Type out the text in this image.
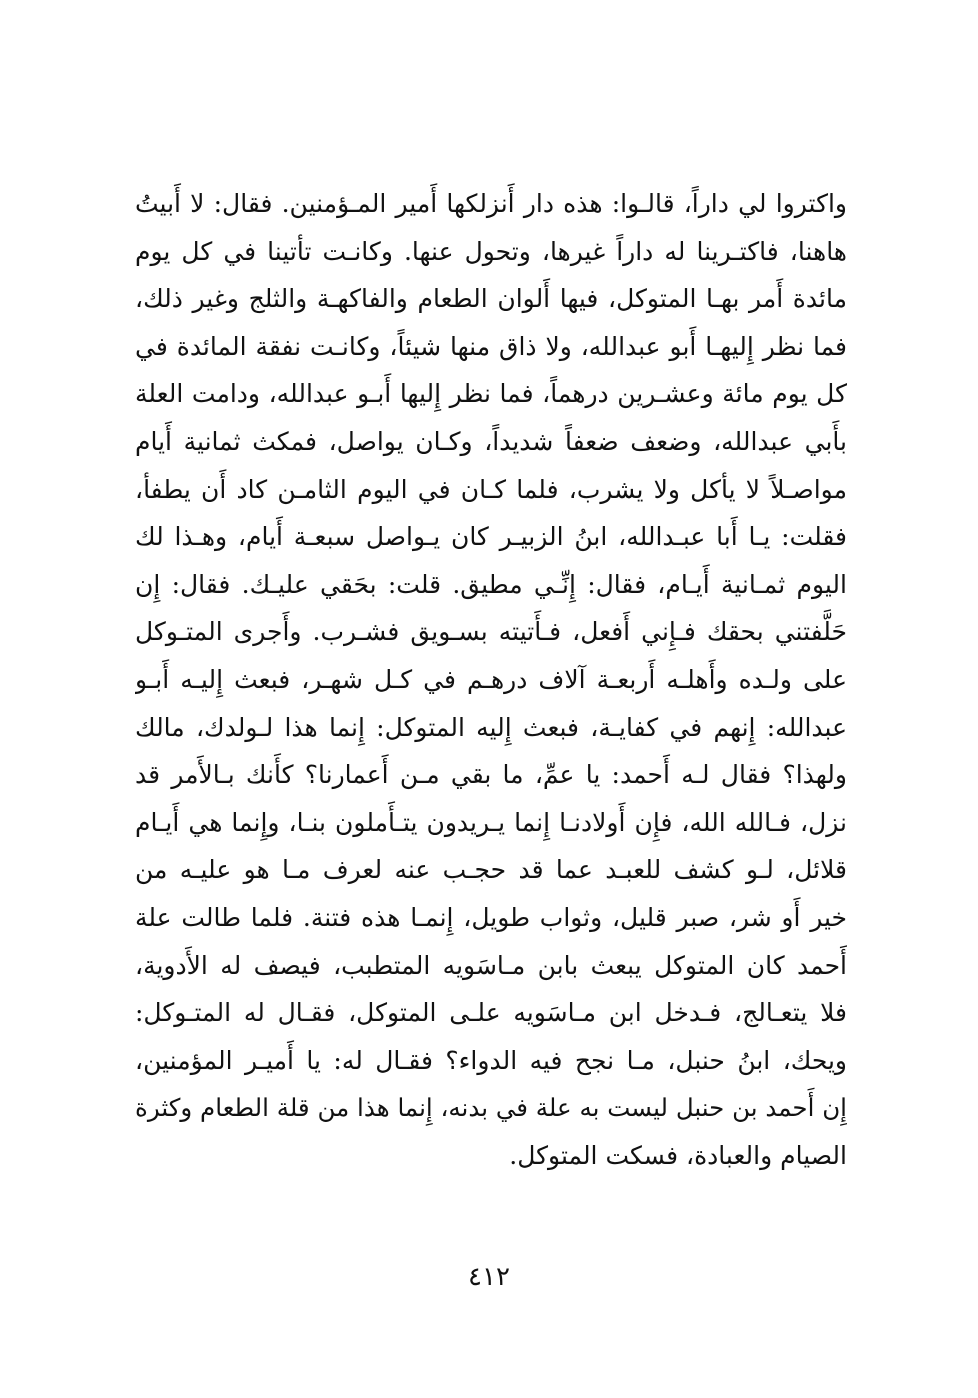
واكتروا لي داراً، قالـوا: هذه دار أَنزلكها أَمير المـؤمنين. فقال: لا أَبيتُ
هاهنا، فاكتـرينا له داراً غيرها، وتحول عنها. وكانـت تأتينا في كل يوم
مائدة أَمر بهـا المتوكل، فيها أَلوان الطعام والفاكهـة والثلج وغير ذلك،
فما نظر إِليهـا أَبو عبدالله، ولا ذاق منها شيئاً، وكانـت نفقة المائدة في
كل يوم مائة وعشـرين درهماً، فما نظر إِليها أَبـو عبدالله، ودامت العلة
بأَبي عبدالله، وضعف ضعفاً شديداً، وكـان يواصل، فمكث ثمانية أَيام
مواصـلاً لا يأكل ولا يشرب، فلما كـان في اليوم الثامـن كاد أَن يطفأ،
فقلت: يـا أَبا عبـدالله، ابنُ الزبيـر كان يـواصل سبعـة أَيام، وهـذا لك
اليوم ثمـانية أَيـام، فقال: إِنِّـي مطيق. قلت: بحَقي عليـك. فقال: إِن
حَلَّفتني بحقك فـإِني أَفعل، فـأَتيته بسـويق فشـرب. وأَجرى المتـوكل
على ولـده وأَهلـه أَربعـة آلاف درهـم في كـل شهـر، فبعث إِليـه أَبـو
عبدالله: إِنهم في كفايـة، فبعث إِليه المتوكل: إِنما هذا لـولدك، مالك
ولهذا؟ فقال لـه أَحمد: يا عمِّ، ما بقي مـن أَعمارنا؟ كأَنك بـالأَمر قد
نزل، فـالله الله، فإِن أَولادنـا إِنما يـريدون يتـأَملون بنـا، وإِنما هي أَيـام
قلائل، لـو كشف للعبـد عما قد حجـب عنه لعرف مـا هو عليـه من
خير أَو شر، صبر قليل، وثواب طويل، إِنمـا هذه فتنة. فلما طالت علة
أَحمد كان المتوكل يبعث بابن مـاسَويه المتطبب، فيصف له الأَدوية،
فلا يتعـالج، فـدخل ابن مـاسَويه علـى المتوكل، فقـال له المتـوكل:
ويحك، ابنُ حنبل، مـا نجح فيه الدواء؟ فقـال له: يا أَميـر المؤمنين،
إِن أَحمد بن حنبل ليست به علة في بدنه، إِنما هذا من قلة الطعام وكثرة
الصيام والعبادة، فسكت المتوكل.
٤١٢
